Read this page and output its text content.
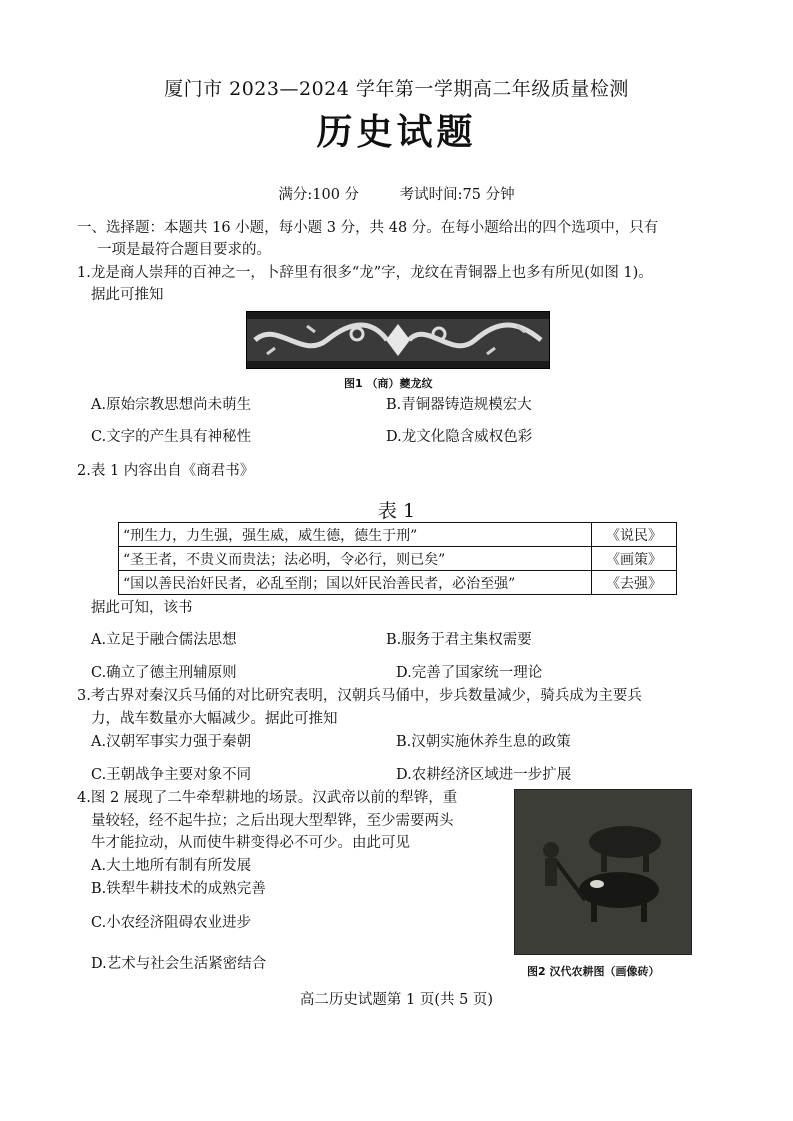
厦门市 2023—2024 学年第一学期高二年级质量检测
历史试题
满分:100 分	考试时间:75 分钟
一、选择题：本题共 16 小题，每小题 3 分，共 48 分。在每小题给出的四个选项中，只有
一项是最符合题目要求的。
1.龙是商人崇拜的百神之一，卜辞里有很多“龙”字，龙纹在青铜器上也多有所见(如图 1)。
据此可推知
图1 （商）夔龙纹
A.原始宗教思想尚未萌生	B.青铜器铸造规模宏大
C.文字的产生具有神秘性	D.龙文化隐含威权色彩
2.表 1 内容出自《商君书》
表 1
“刑生力，力生强，强生威，威生德，德生于刑”	《说民》
“圣王者，不贵义而贵法；法必明，令必行，则已矣”	《画策》
“国以善民治奸民者，必乱至削；国以奸民治善民者，必治至强”	《去强》
据此可知，该书
A.立足于融合儒法思想	B.服务于君主集权需要
C.确立了德主刑辅原则	D.完善了国家统一理论
3.考古界对秦汉兵马俑的对比研究表明，汉朝兵马俑中，步兵数量减少，骑兵成为主要兵
力，战车数量亦大幅减少。据此可推知
A.汉朝军事实力强于秦朝	B.汉朝实施休养生息的政策
C.王朝战争主要对象不同	D.农耕经济区域进一步扩展
4.图 2 展现了二牛牵犁耕地的场景。汉武帝以前的犁铧，重
量较轻，经不起牛拉；之后出现大型犁铧，至少需要两头
牛才能拉动，从而使牛耕变得必不可少。由此可见
A.大土地所有制有所发展
B.铁犁牛耕技术的成熟完善
C.小农经济阻碍农业进步
D.艺术与社会生活紧密结合	图2 汉代农耕图（画像砖）
高二历史试题第 1 页(共 5 页)
